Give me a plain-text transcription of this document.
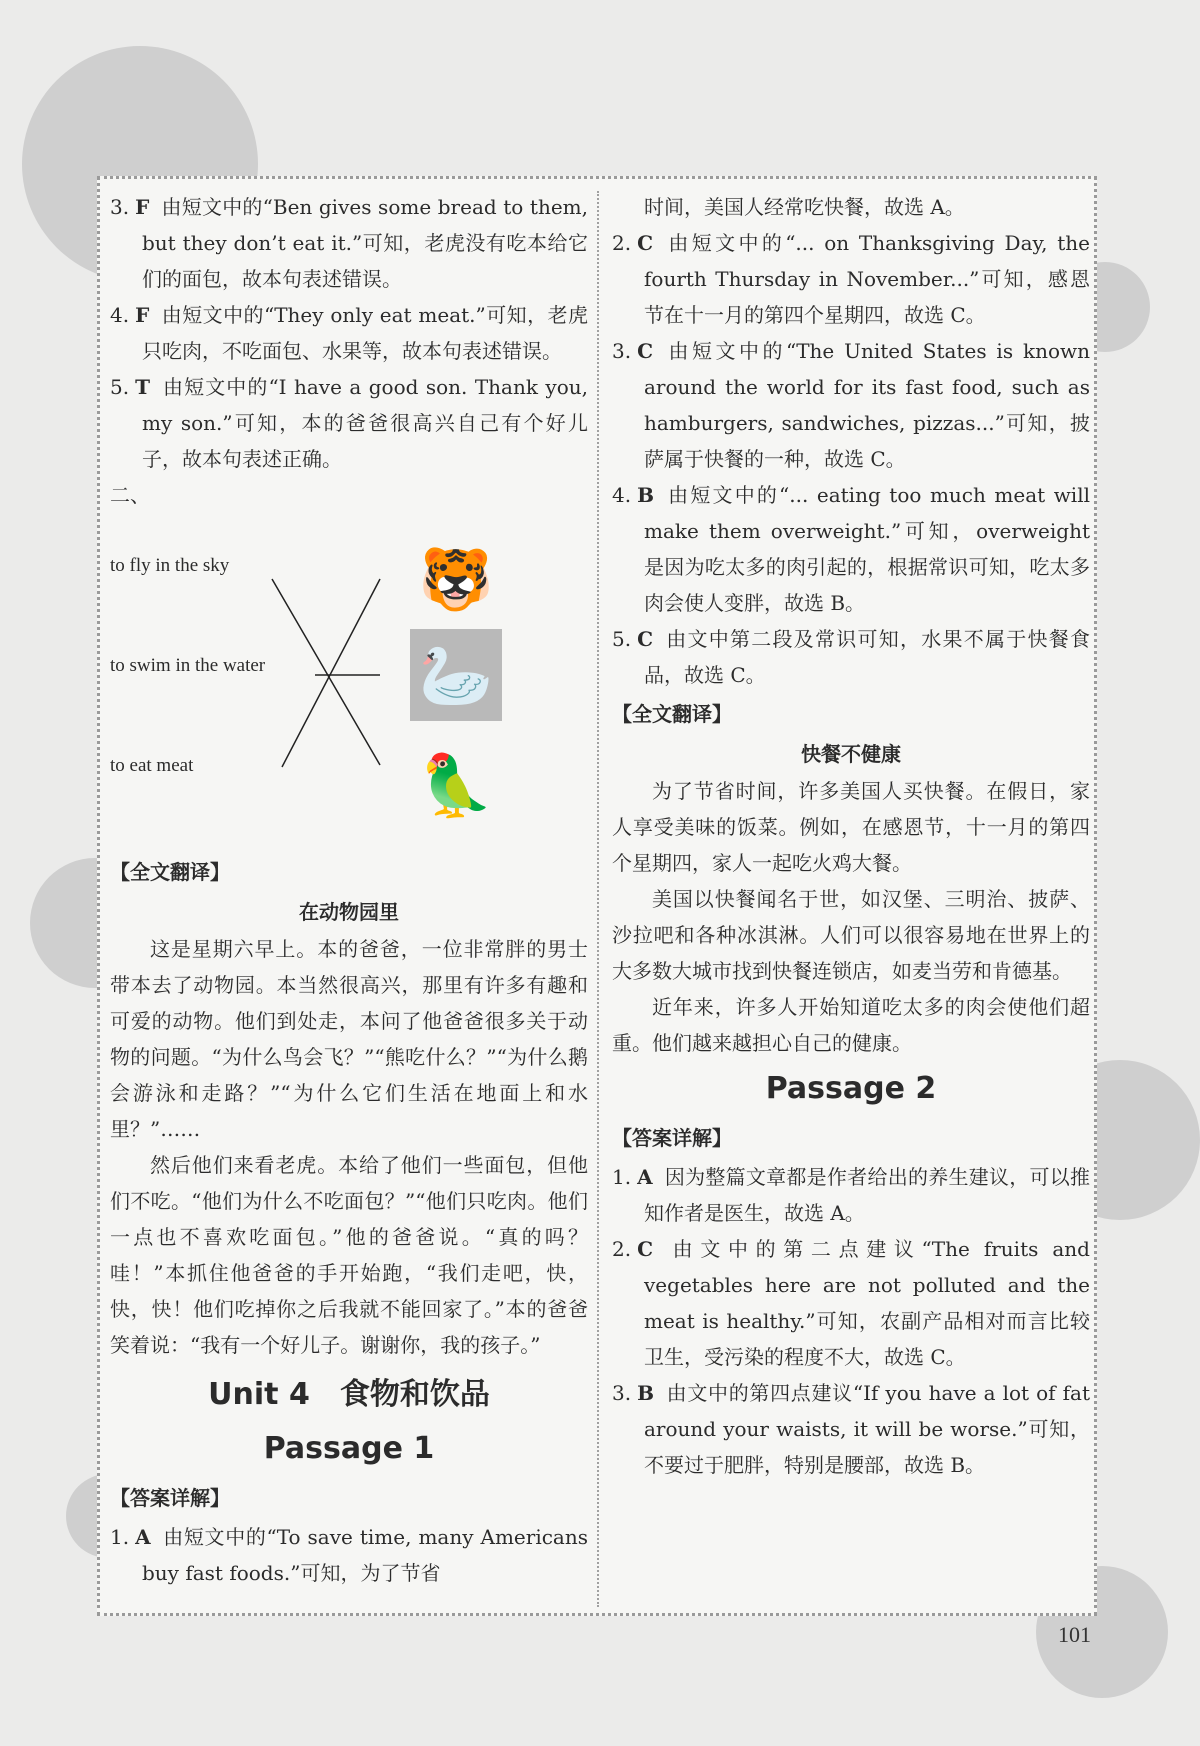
3. F 由短文中的“Ben gives some bread to them, but they don’t eat it.”可知，老虎没有吃本给它们的面包，故本句表述错误。

4. F 由短文中的“They only eat meat.”可知，老虎只吃肉，不吃面包、水果等，故本句表述错误。

5. T 由短文中的“I have a good son. Thank you, my son.”可知，本的爸爸很高兴自己有个好儿子，故本句表述正确。

二、

to fly in the sky
to swim in the water
to eat meat
🐯
🦢
🦜
【全文翻译】
在动物园里

这是星期六早上。本的爸爸，一位非常胖的男士带本去了动物园。本当然很高兴，那里有许多有趣和可爱的动物。他们到处走，本问了他爸爸很多关于动物的问题。“为什么鸟会飞？”“熊吃什么？”“为什么鹅会游泳和走路？”“为什么它们生活在地面上和水里？”……

然后他们来看老虎。本给了他们一些面包，但他们不吃。“他们为什么不吃面包？”“他们只吃肉。他们一点也不喜欢吃面包。”他的爸爸说。“真的吗？哇！”本抓住他爸爸的手开始跑，“我们走吧，快，快，快！他们吃掉你之后我就不能回家了。”本的爸爸笑着说：“我有一个好儿子。谢谢你，我的孩子。”

Unit 4　食物和饮品
Passage 1
【答案详解】

1. A 由短文中的“To save time, many Americans buy fast foods.”可知，为了节省

时间，美国人经常吃快餐，故选 A。

2. C 由短文中的“... on Thanksgiving Day, the fourth Thursday in November...”可知，感恩节在十一月的第四个星期四，故选 C。

3. C 由短文中的“The United States is known around the world for its fast food, such as hamburgers, sandwiches, pizzas...”可知，披萨属于快餐的一种，故选 C。

4. B 由短文中的“... eating too much meat will make them overweight.”可知，overweight 是因为吃太多的肉引起的，根据常识可知，吃太多肉会使人变胖，故选 B。

5. C 由文中第二段及常识可知，水果不属于快餐食品，故选 C。

【全文翻译】
快餐不健康

为了节省时间，许多美国人买快餐。在假日，家人享受美味的饭菜。例如，在感恩节，十一月的第四个星期四，家人一起吃火鸡大餐。

美国以快餐闻名于世，如汉堡、三明治、披萨、沙拉吧和各种冰淇淋。人们可以很容易地在世界上的大多数大城市找到快餐连锁店，如麦当劳和肯德基。

近年来，许多人开始知道吃太多的肉会使他们超重。他们越来越担心自己的健康。

Passage 2
【答案详解】

1. A 因为整篇文章都是作者给出的养生建议，可以推知作者是医生，故选 A。

2. C 由文中的第二点建议“The fruits and vegetables here are not polluted and the meat is healthy.”可知，农副产品相对而言比较卫生，受污染的程度不大，故选 C。

3. B 由文中的第四点建议“If you have a lot of fat around your waists, it will be worse.”可知，不要过于肥胖，特别是腰部，故选 B。

101
